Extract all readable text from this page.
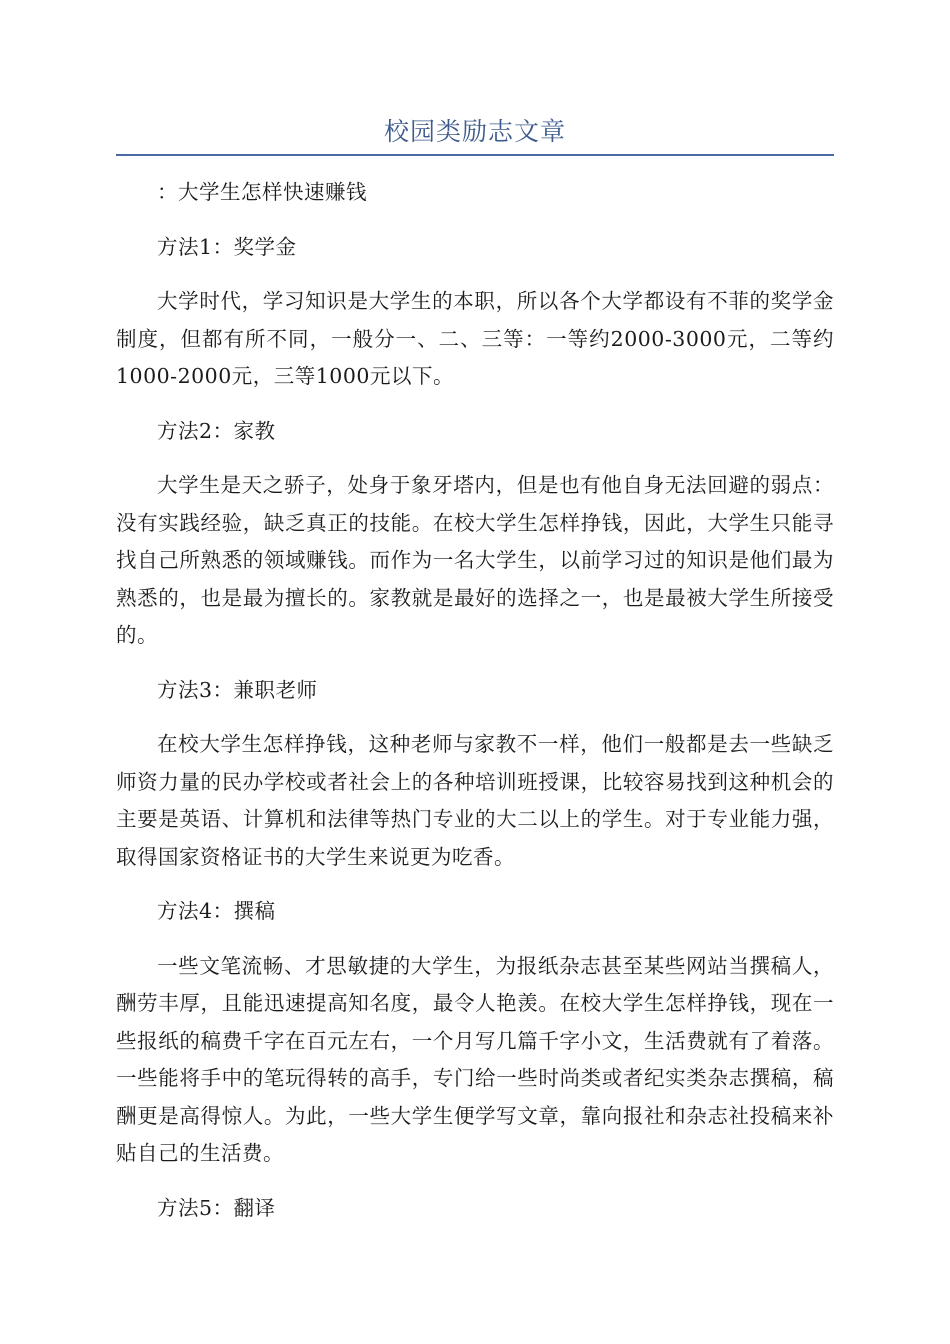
校园类励志文章

：大学生怎样快速赚钱

方法1：奖学金

大学时代，学习知识是大学生的本职，所以各个大学都设有不菲的奖学金制度，但都有所不同，一般分一、二、三等：一等约2000-3000元，二等约1000-2000元，三等1000元以下。

方法2：家教

大学生是天之骄子，处身于象牙塔内，但是也有他自身无法回避的弱点：没有实践经验，缺乏真正的技能。在校大学生怎样挣钱，因此，大学生只能寻找自己所熟悉的领域赚钱。而作为一名大学生，以前学习过的知识是他们最为熟悉的，也是最为擅长的。家教就是最好的选择之一，也是最被大学生所接受的。

方法3：兼职老师

在校大学生怎样挣钱，这种老师与家教不一样，他们一般都是去一些缺乏师资力量的民办学校或者社会上的各种培训班授课，比较容易找到这种机会的主要是英语、计算机和法律等热门专业的大二以上的学生。对于专业能力强，取得国家资格证书的大学生来说更为吃香。

方法4：撰稿

一些文笔流畅、才思敏捷的大学生，为报纸杂志甚至某些网站当撰稿人，酬劳丰厚，且能迅速提高知名度，最令人艳羡。在校大学生怎样挣钱，现在一些报纸的稿费千字在百元左右，一个月写几篇千字小文，生活费就有了着落。一些能将手中的笔玩得转的高手，专门给一些时尚类或者纪实类杂志撰稿，稿酬更是高得惊人。为此，一些大学生便学写文章，靠向报社和杂志社投稿来补贴自己的生活费。

方法5：翻译
